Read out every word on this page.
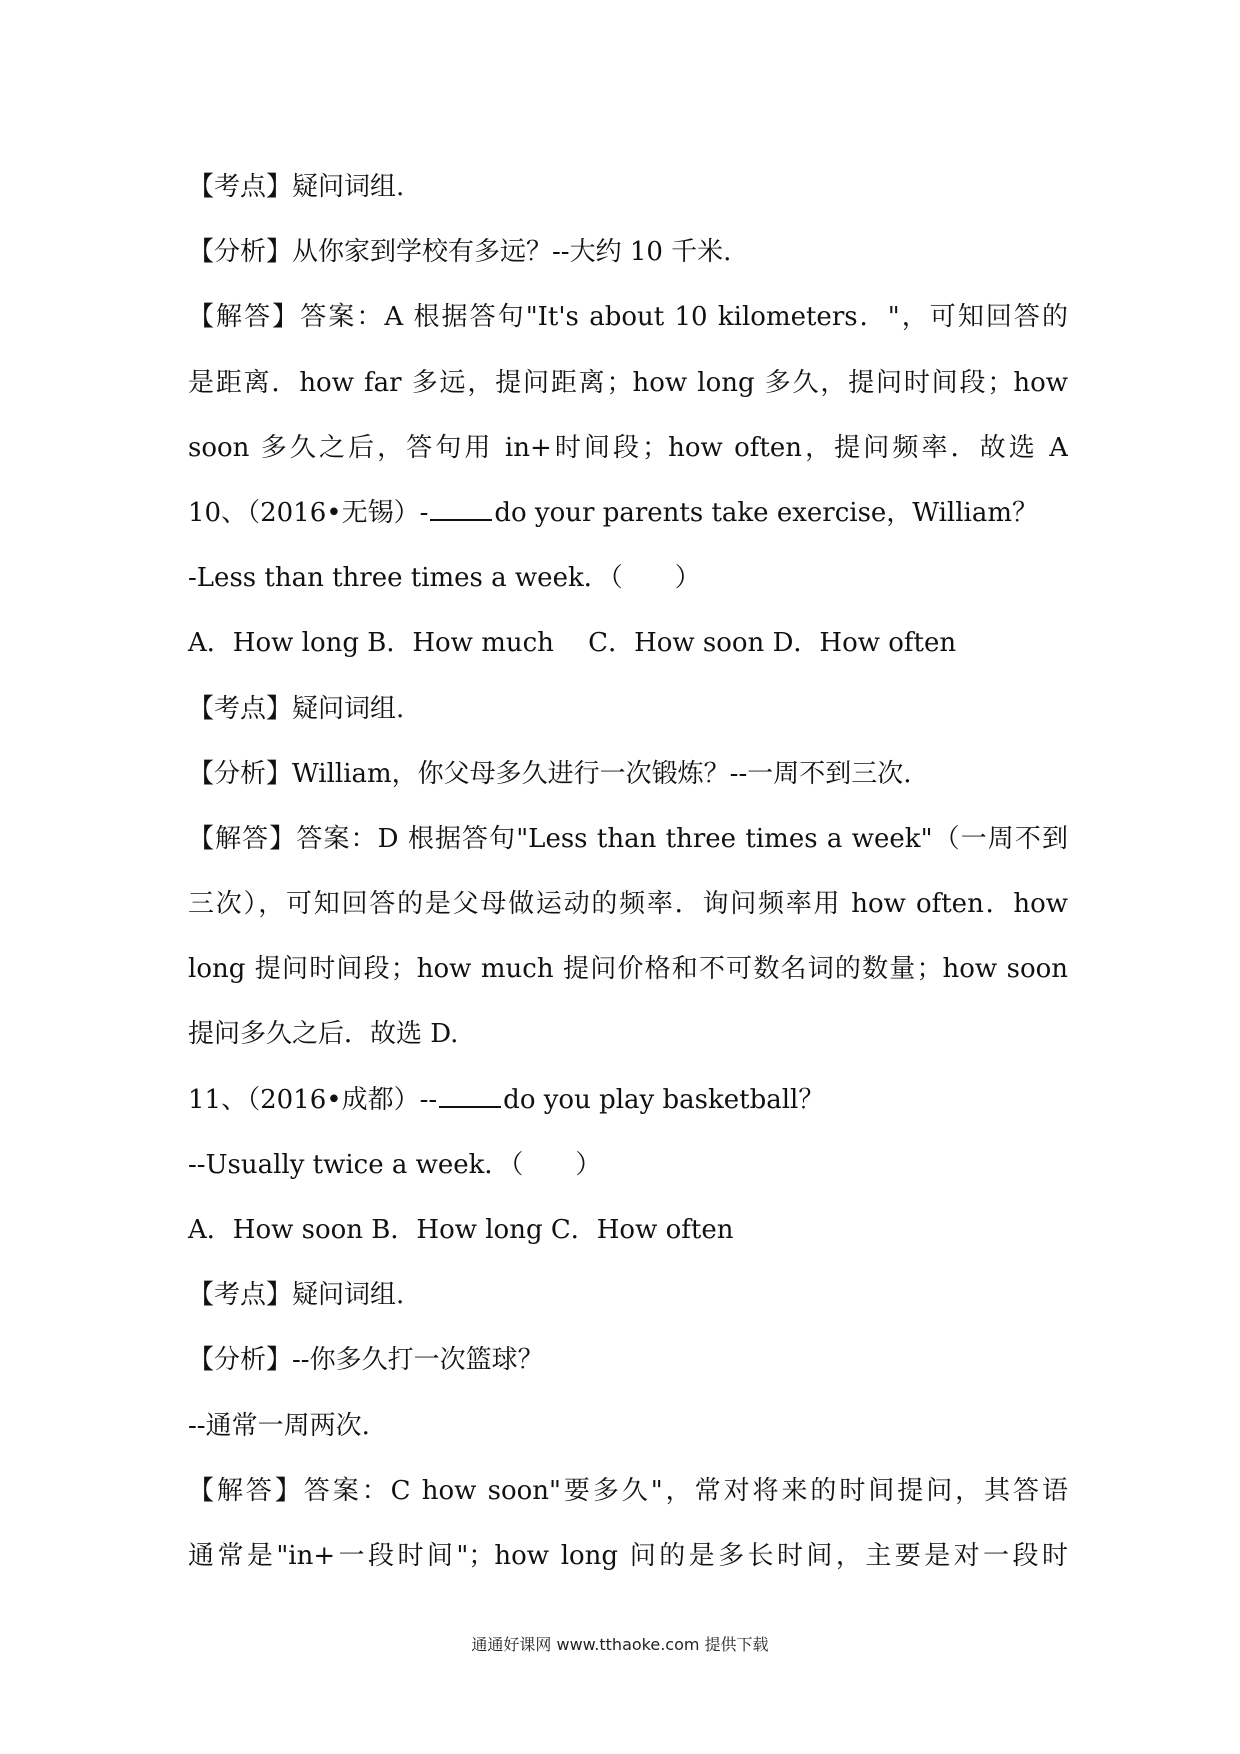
【考点】疑问词组.
【分析】从你家到学校有多远？--大约 10 千米.
【解答】答案：A 根据答句"It's about 10 kilometers．"，可知回答的
是距离．how far 多远，提问距离；how long 多久，提问时间段；how
soon 多久之后，答句用 in+时间段；how often，提问频率．故选 A
10、（2016•无锡）-	do your parents take exercise，William？
-Less than three times a week．（　　）
A．How long B．How much　 C．How soon D．How often
【考点】疑问词组.
【分析】William，你父母多久进行一次锻炼？--一周不到三次.
【解答】答案：D 根据答句"Less than three times a week"（一周不到
三次），可知回答的是父母做运动的频率．询问频率用 how often．how
long 提问时间段；how much 提问价格和不可数名词的数量；how soon
提问多久之后．故选 D.
11、（2016•成都）--	do you play basketball？
--Usually twice a week．（　　）
A．How soon B．How long C．How often
【考点】疑问词组.
【分析】--你多久打一次篮球？
--通常一周两次.
【解答】答案：C how soon"要多久"，常对将来的时间提问，其答语
通常是"in+一段时间"；how long 问的是多长时间，主要是对一段时
通通好课网 www.tthaoke.com 提供下载
